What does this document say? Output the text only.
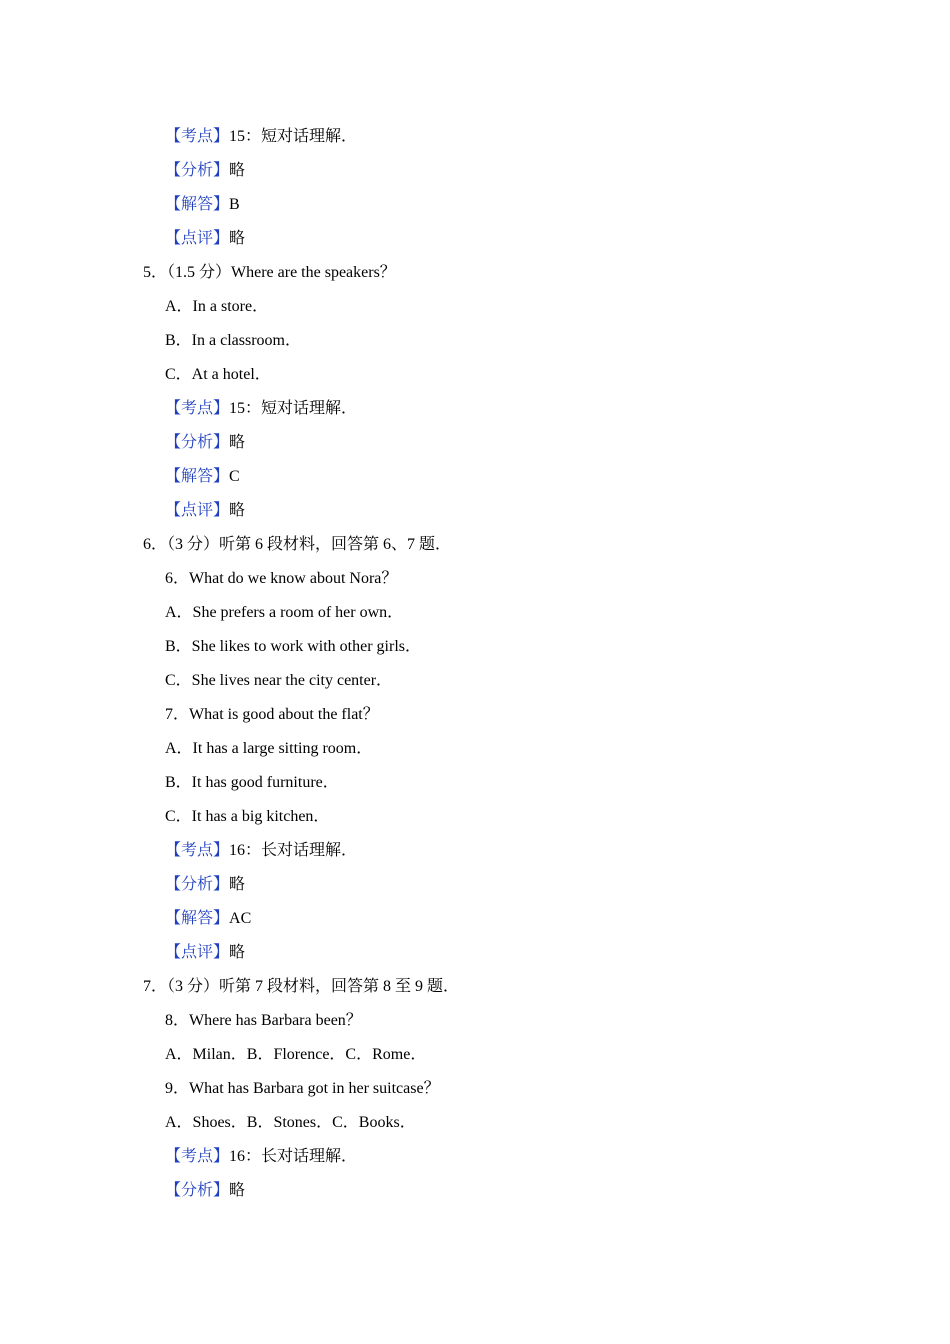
【考点】15：短对话理解．
【分析】略
【解答】B
【点评】略
5．（1.5 分）Where are the speakers？
A．In a store．
B．In a classroom．
C．At a hotel．
【考点】15：短对话理解．
【分析】略
【解答】C
【点评】略
6．（3 分）听第 6 段材料，回答第 6、7 题．
6．What do we know about Nora？
A．She prefers a room of her own．
B．She likes to work with other girls．
C．She lives near the city center．
7．What is good about the flat？
A．It has a large sitting room．
B．It has good furniture．
C．It has a big kitchen．
【考点】16：长对话理解．
【分析】略
【解答】AC
【点评】略
7．（3 分）听第 7 段材料，回答第 8 至 9 题．
8．Where has Barbara been？
A．Milan．B．Florence．C．Rome．
9．What has Barbara got in her suitcase？
A．Shoes．B．Stones．C．Books．
【考点】16：长对话理解．
【分析】略
